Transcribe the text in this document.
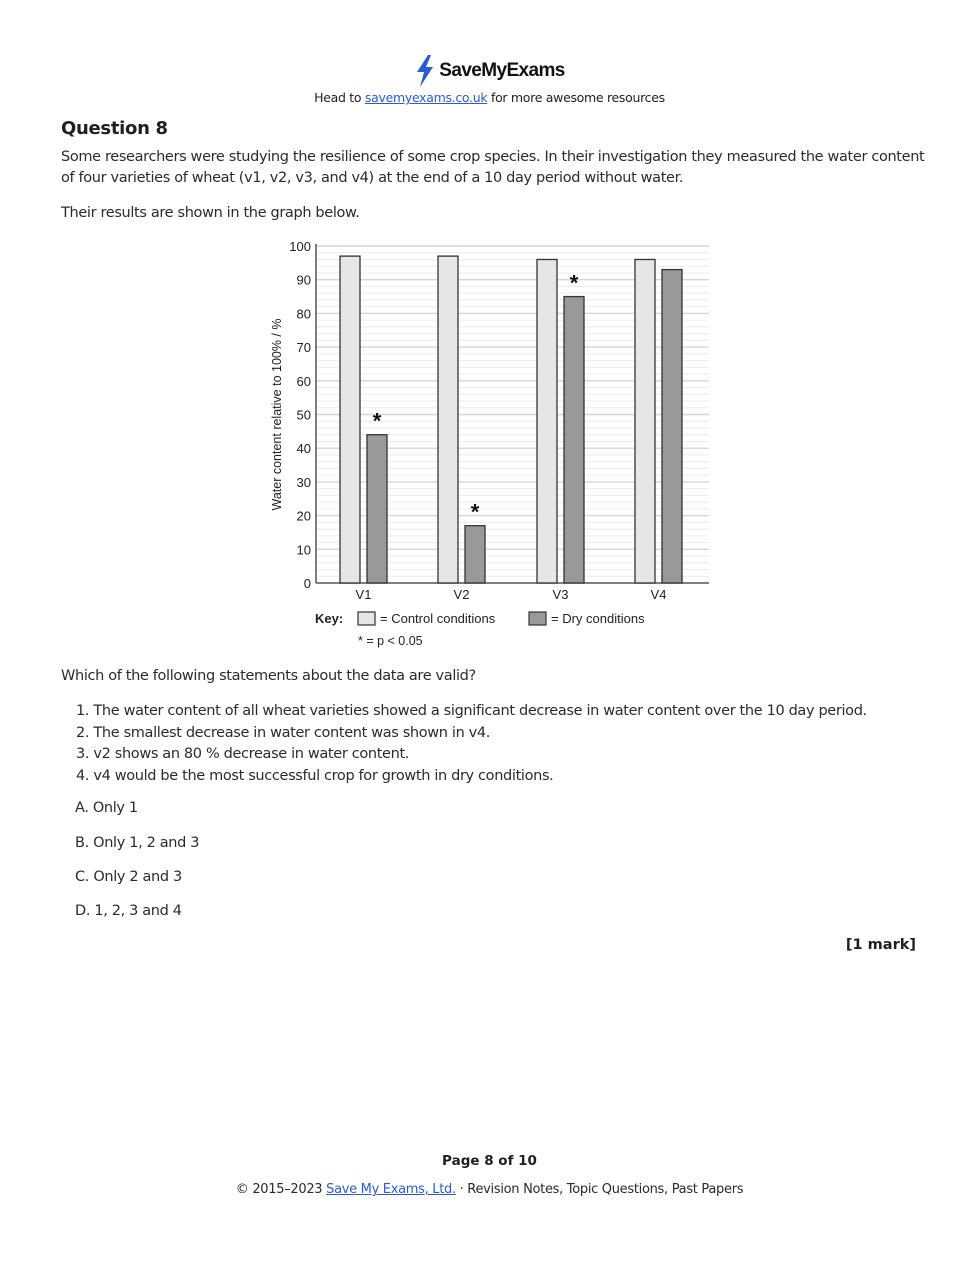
SaveMyExams
Head to savemyexams.co.uk for more awesome resources
Question 8
Some researchers were studying the resilience of some crop species. In their investigation they measured the water content of four varieties of wheat (v1, v2, v3, and v4) at the end of a 10 day period without water.
Their results are shown in the graph below.
0
10
20
30
40
50
60
70
80
90
100
Water content relative to 100% / %
V1	V2	V3	V4
*
*
*
Key:	= Control conditions	= Dry conditions
* = p < 0.05
Which of the following statements about the data are valid?
1. The water content of all wheat varieties showed a significant decrease in water content over the 10 day period.
2. The smallest decrease in water content was shown in v4.
3. v2 shows an 80 % decrease in water content.
4. v4 would be the most successful crop for growth in dry conditions.
A. Only 1
B. Only 1, 2 and 3
C. Only 2 and 3
D. 1, 2, 3 and 4
[1 mark]
Page 8 of 10
© 2015–2023 Save My Exams, Ltd. · Revision Notes, Topic Questions, Past Papers
